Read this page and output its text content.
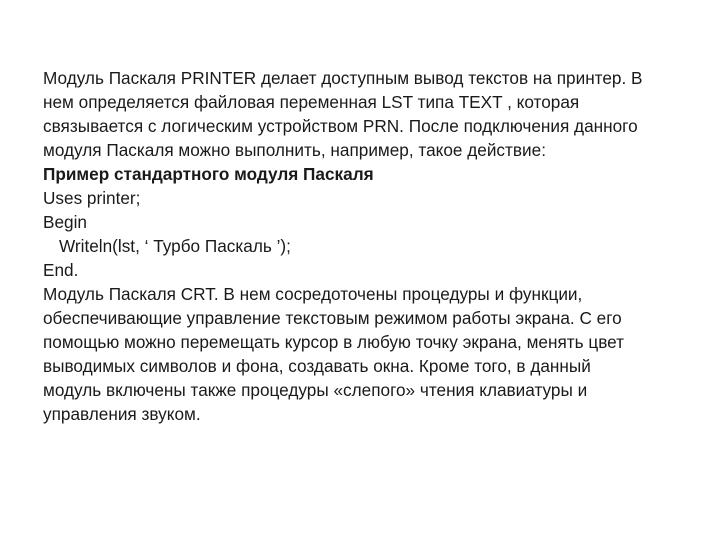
Модуль Паскаля PRINTER делает доступным вывод текстов на принтер. В
нем определяется файловая переменная LST типа TEXT , которая
связывается с логическим устройством PRN. После подключения данного
модуля Паскаля можно выполнить, например, такое действие:
Пример стандартного модуля Паскаля
Uses printer;
Begin
Writeln(lst, ‘ Турбо Паскаль ’);
End.
Модуль Паскаля CRT. В нем сосредоточены процедуры и функции,
обеспечивающие управление текстовым режимом работы экрана. С его
помощью можно перемещать курсор в любую точку экрана, менять цвет
выводимых символов и фона, создавать окна. Кроме того, в данный
модуль включены также процедуры «слепого» чтения клавиатуры и
управления звуком.
